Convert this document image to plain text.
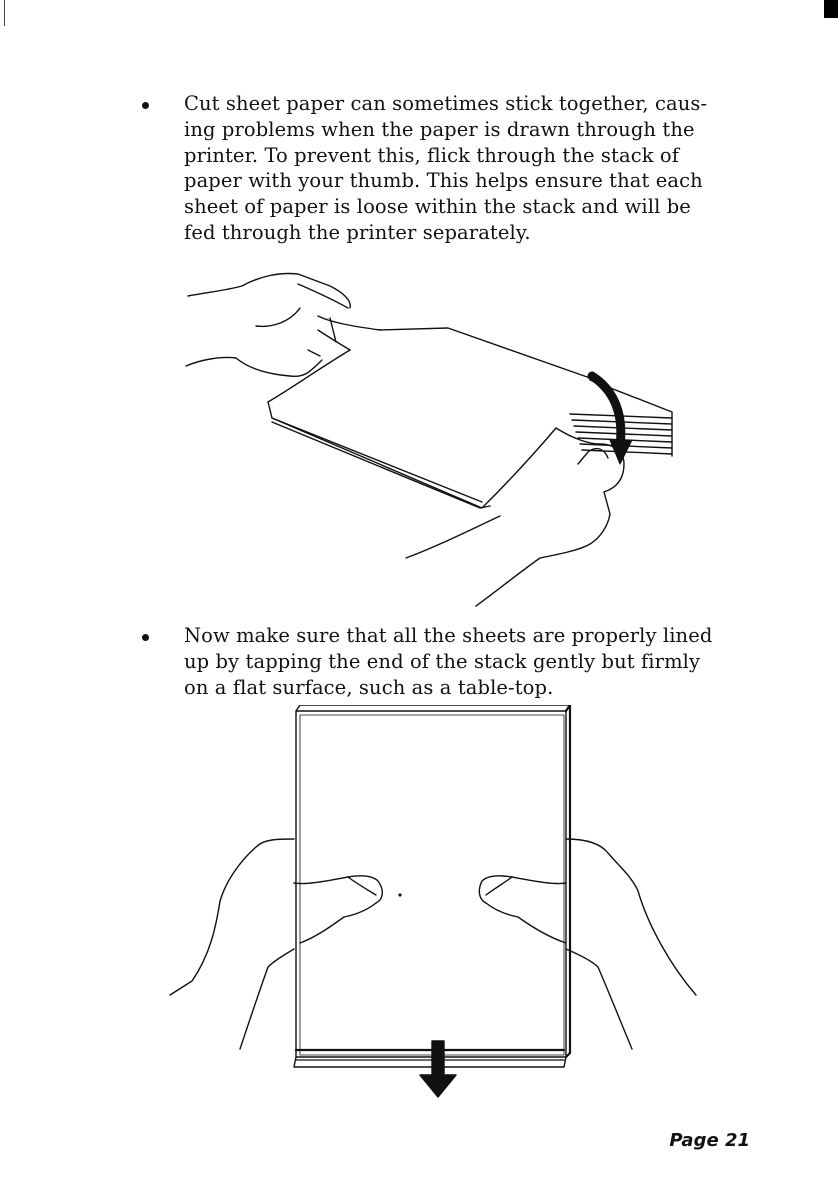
Cut sheet paper can sometimes stick together, caus-
ing problems when the paper is drawn through the
printer. To prevent this, flick through the stack of
paper with your thumb. This helps ensure that each
sheet of paper is loose within the stack and will be
fed through the printer separately.
Now make sure that all the sheets are properly lined
up by tapping the end of the stack gently but firmly
on a flat surface, such as a table-top.
Page 21
